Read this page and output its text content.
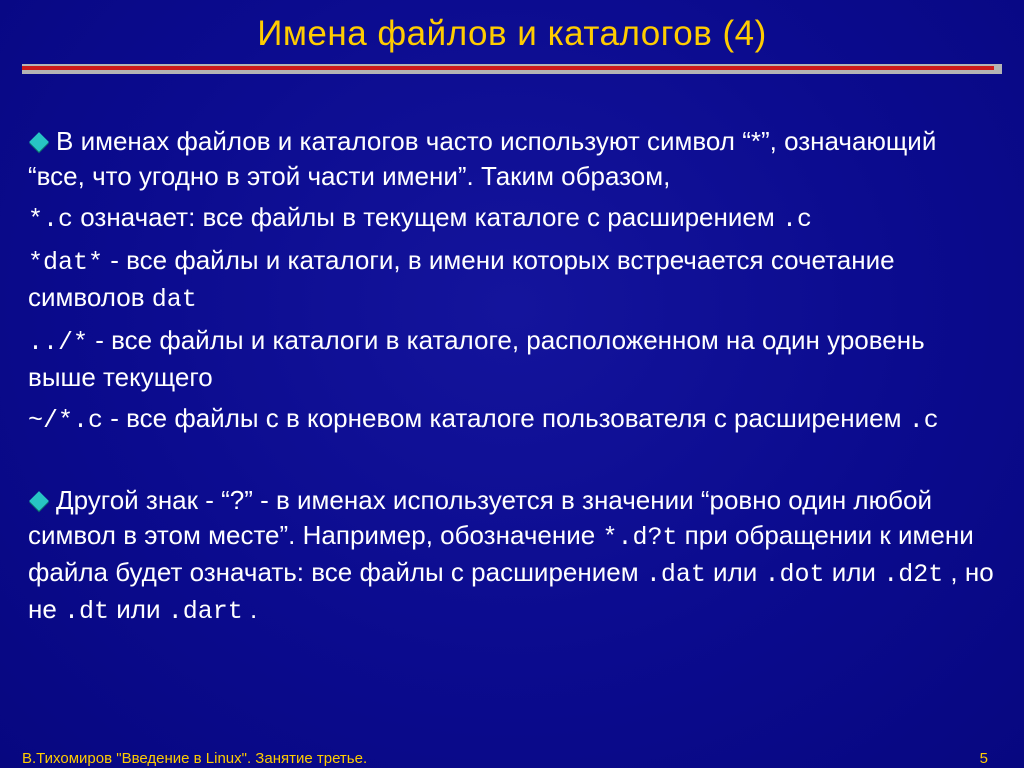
Имена файлов и каталогов (4)

В именах файлов и каталогов часто используют символ “*”, означающий “все, что угодно в этой части имени”. Таким образом,

*.c означает: все файлы в текущем каталоге с расширением .c

*dat* - все файлы и каталоги, в имени которых встречается сочетание символов dat

../* - все файлы и каталоги в каталоге, расположенном на один уровень выше текущего

~/*.c - все файлы с в корневом каталоге пользователя с расширением .c

Другой знак - “?” - в именах используется в значении “ровно один любой символ в этом месте”. Например, обозначение *.d?t при обращении к имени файла будет означать: все файлы с расширением .dat или .dot или .d2t , но не .dt или .dart .

В.Тихомиров "Введение в Linux". Занятие третье.	5
